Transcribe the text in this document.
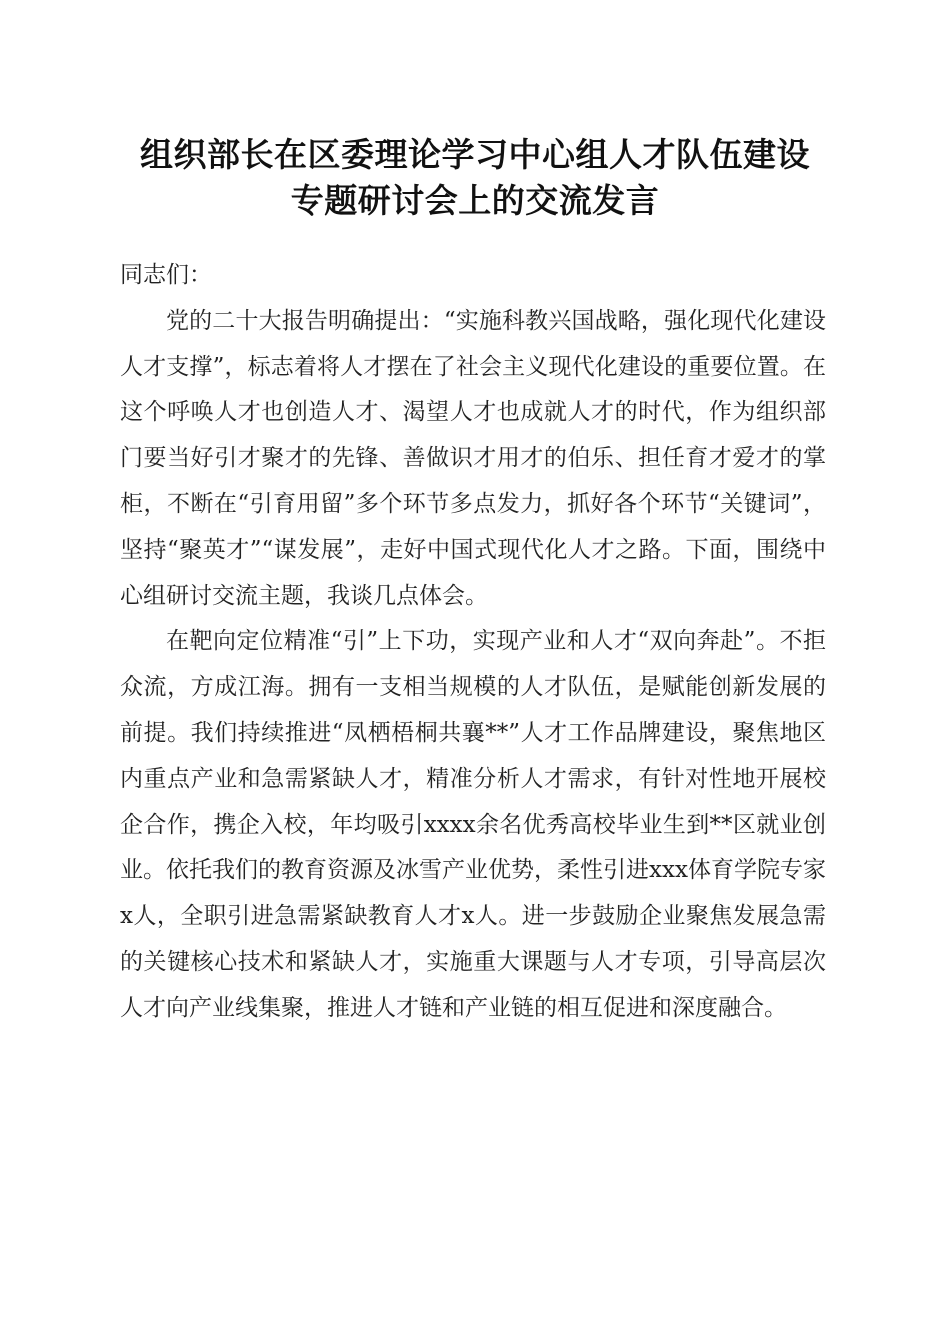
组织部长在区委理论学习中心组人才队伍建设
专题研讨会上的交流发言

同志们：

党的二十大报告明确提出：“实施科教兴国战略，强化现代化建设人才支撑”，标志着将人才摆在了社会主义现代化建设的重要位置。在这个呼唤人才也创造人才、渴望人才也成就人才的时代，作为组织部门要当好引才聚才的先锋、善做识才用才的伯乐、担任育才爱才的掌柜，不断在“引育用留”多个环节多点发力，抓好各个环节“关键词”，坚持“聚英才”“谋发展”，走好中国式现代化人才之路。下面，围绕中心组研讨交流主题，我谈几点体会。

在靶向定位精准“引”上下功，实现产业和人才“双向奔赴”。不拒众流，方成江海。拥有一支相当规模的人才队伍，是赋能创新发展的前提。我们持续推进“凤栖梧桐共襄**”人才工作品牌建设，聚焦地区内重点产业和急需紧缺人才，精准分析人才需求，有针对性地开展校企合作，携企入校，年均吸引xxxx余名优秀高校毕业生到**区就业创业。依托我们的教育资源及冰雪产业优势，柔性引进xxx体育学院专家x人，全职引进急需紧缺教育人才x人。进一步鼓励企业聚焦发展急需的关键核心技术和紧缺人才，实施重大课题与人才专项，引导高层次人才向产业线集聚，推进人才链和产业链的相互促进和深度融合。
